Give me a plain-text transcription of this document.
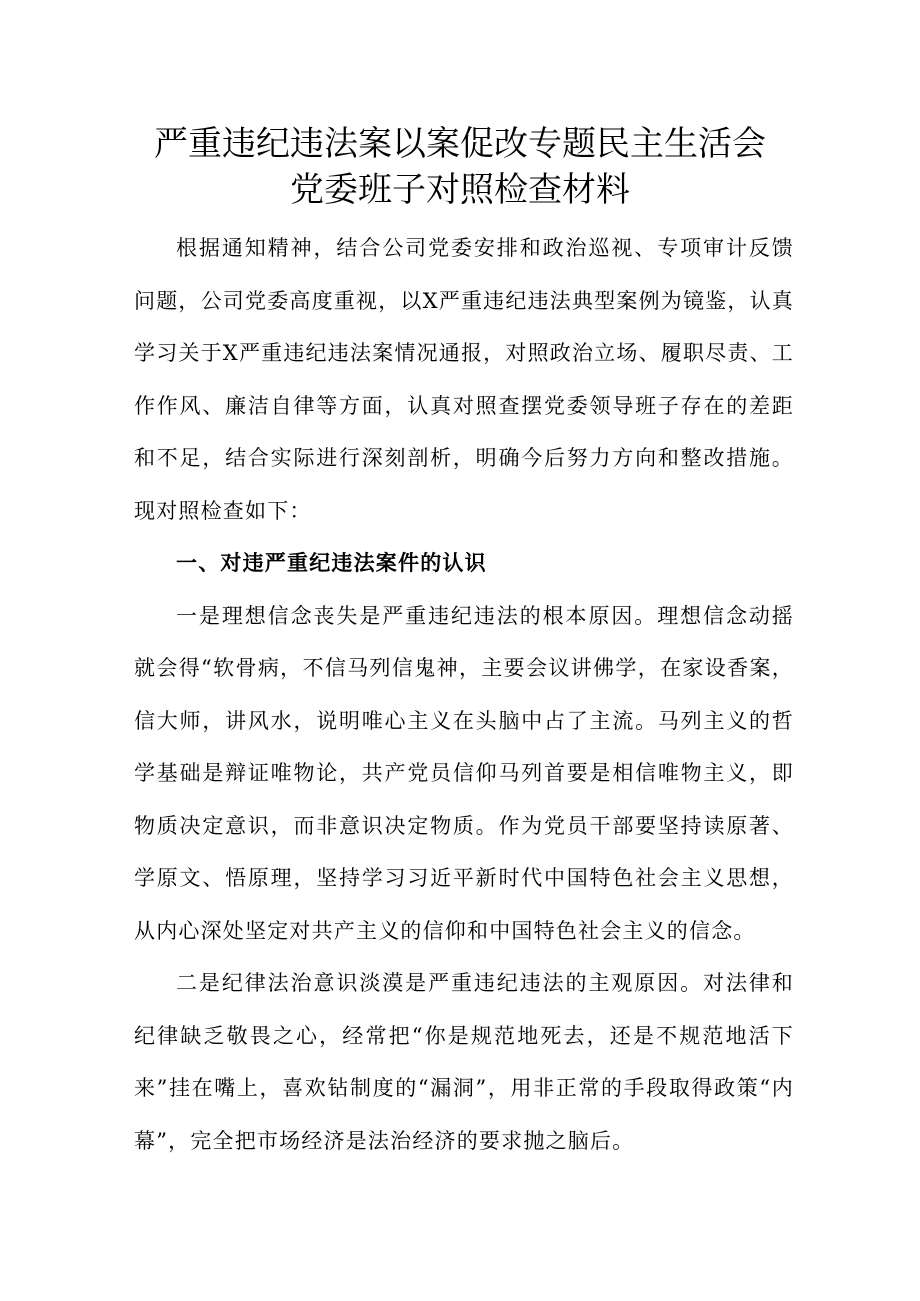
严重违纪违法案以案促改专题民主生活会
党委班子对照检查材料

根据通知精神，结合公司党委安排和政治巡视、专项审计反馈问题，公司党委高度重视，以X严重违纪违法典型案例为镜鉴，认真学习关于X严重违纪违法案情况通报，对照政治立场、履职尽责、工作作风、廉洁自律等方面，认真对照查摆党委领导班子存在的差距和不足，结合实际进行深刻剖析，明确今后努力方向和整改措施。现对照检查如下：

一、对违严重纪违法案件的认识

一是理想信念丧失是严重违纪违法的根本原因。理想信念动摇就会得“软骨病，不信马列信鬼神，主要会议讲佛学，在家设香案，信大师，讲风水，说明唯心主义在头脑中占了主流。马列主义的哲学基础是辩证唯物论，共产党员信仰马列首要是相信唯物主义，即物质决定意识，而非意识决定物质。作为党员干部要坚持读原著、学原文、悟原理，坚持学习习近平新时代中国特色社会主义思想，从内心深处坚定对共产主义的信仰和中国特色社会主义的信念。

二是纪律法治意识淡漠是严重违纪违法的主观原因。对法律和纪律缺乏敬畏之心，经常把“你是规范地死去，还是不规范地活下来”挂在嘴上，喜欢钻制度的“漏洞”，用非正常的手段取得政策“内幕”，完全把市场经济是法治经济的要求抛之脑后。
